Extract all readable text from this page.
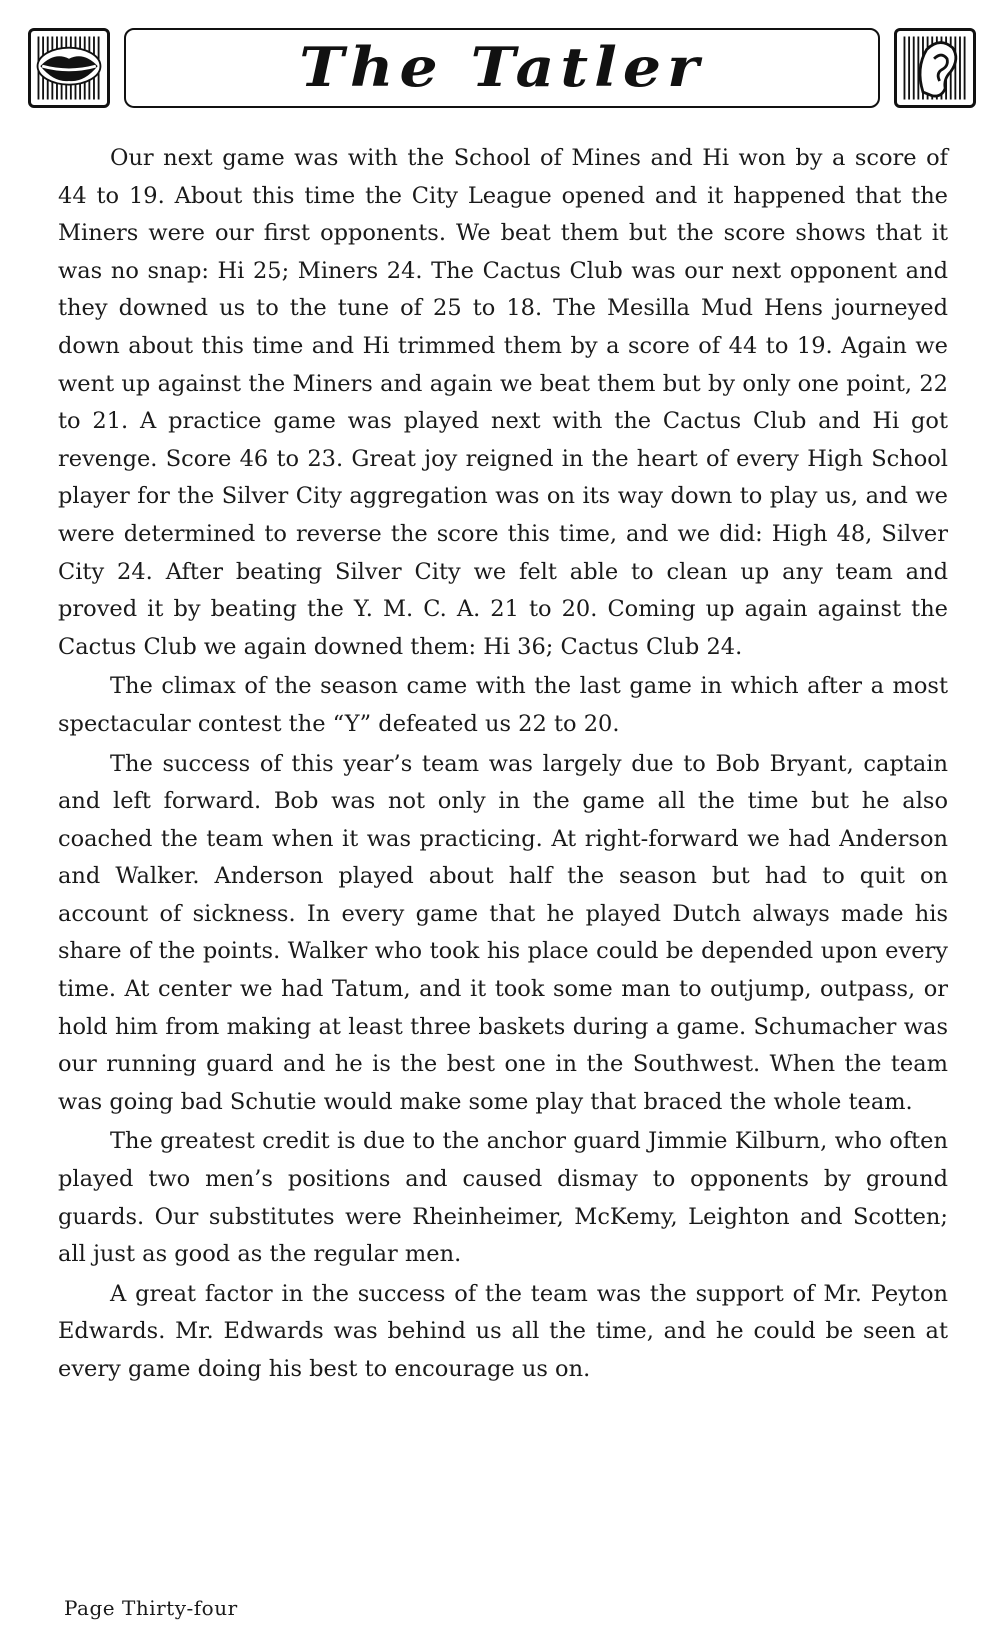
The Tatler

Our next game was with the School of Mines and Hi won by a score of 44 to 19. About this time the City League opened and it happened that the Miners were our first opponents. We beat them but the score shows that it was no snap: Hi 25; Miners 24. The Cactus Club was our next opponent and they downed us to the tune of 25 to 18. The Mesilla Mud Hens journeyed down about this time and Hi trimmed them by a score of 44 to 19. Again we went up against the Miners and again we beat them but by only one point, 22 to 21. A practice game was played next with the Cactus Club and Hi got revenge. Score 46 to 23. Great joy reigned in the heart of every High School player for the Silver City aggregation was on its way down to play us, and we were determined to reverse the score this time, and we did: High 48, Silver City 24. After beating Silver City we felt able to clean up any team and proved it by beating the Y. M. C. A. 21 to 20. Coming up again against the Cactus Club we again downed them: Hi 36; Cactus Club 24.

The climax of the season came with the last game in which after a most spectacular contest the “Y” defeated us 22 to 20.

The success of this year’s team was largely due to Bob Bryant, captain and left forward. Bob was not only in the game all the time but he also coached the team when it was practicing. At right-forward we had Anderson and Walker. Anderson played about half the season but had to quit on account of sickness. In every game that he played Dutch always made his share of the points. Walker who took his place could be depended upon every time. At center we had Tatum, and it took some man to outjump, outpass, or hold him from making at least three baskets during a game. Schumacher was our running guard and he is the best one in the Southwest. When the team was going bad Schutie would make some play that braced the whole team.

The greatest credit is due to the anchor guard Jimmie Kilburn, who often played two men’s positions and caused dismay to opponents by ground guards. Our substitutes were Rheinheimer, McKemy, Leighton and Scotten; all just as good as the regular men.

A great factor in the success of the team was the support of Mr. Peyton Edwards. Mr. Edwards was behind us all the time, and he could be seen at every game doing his best to encourage us on.

Page Thirty-four
